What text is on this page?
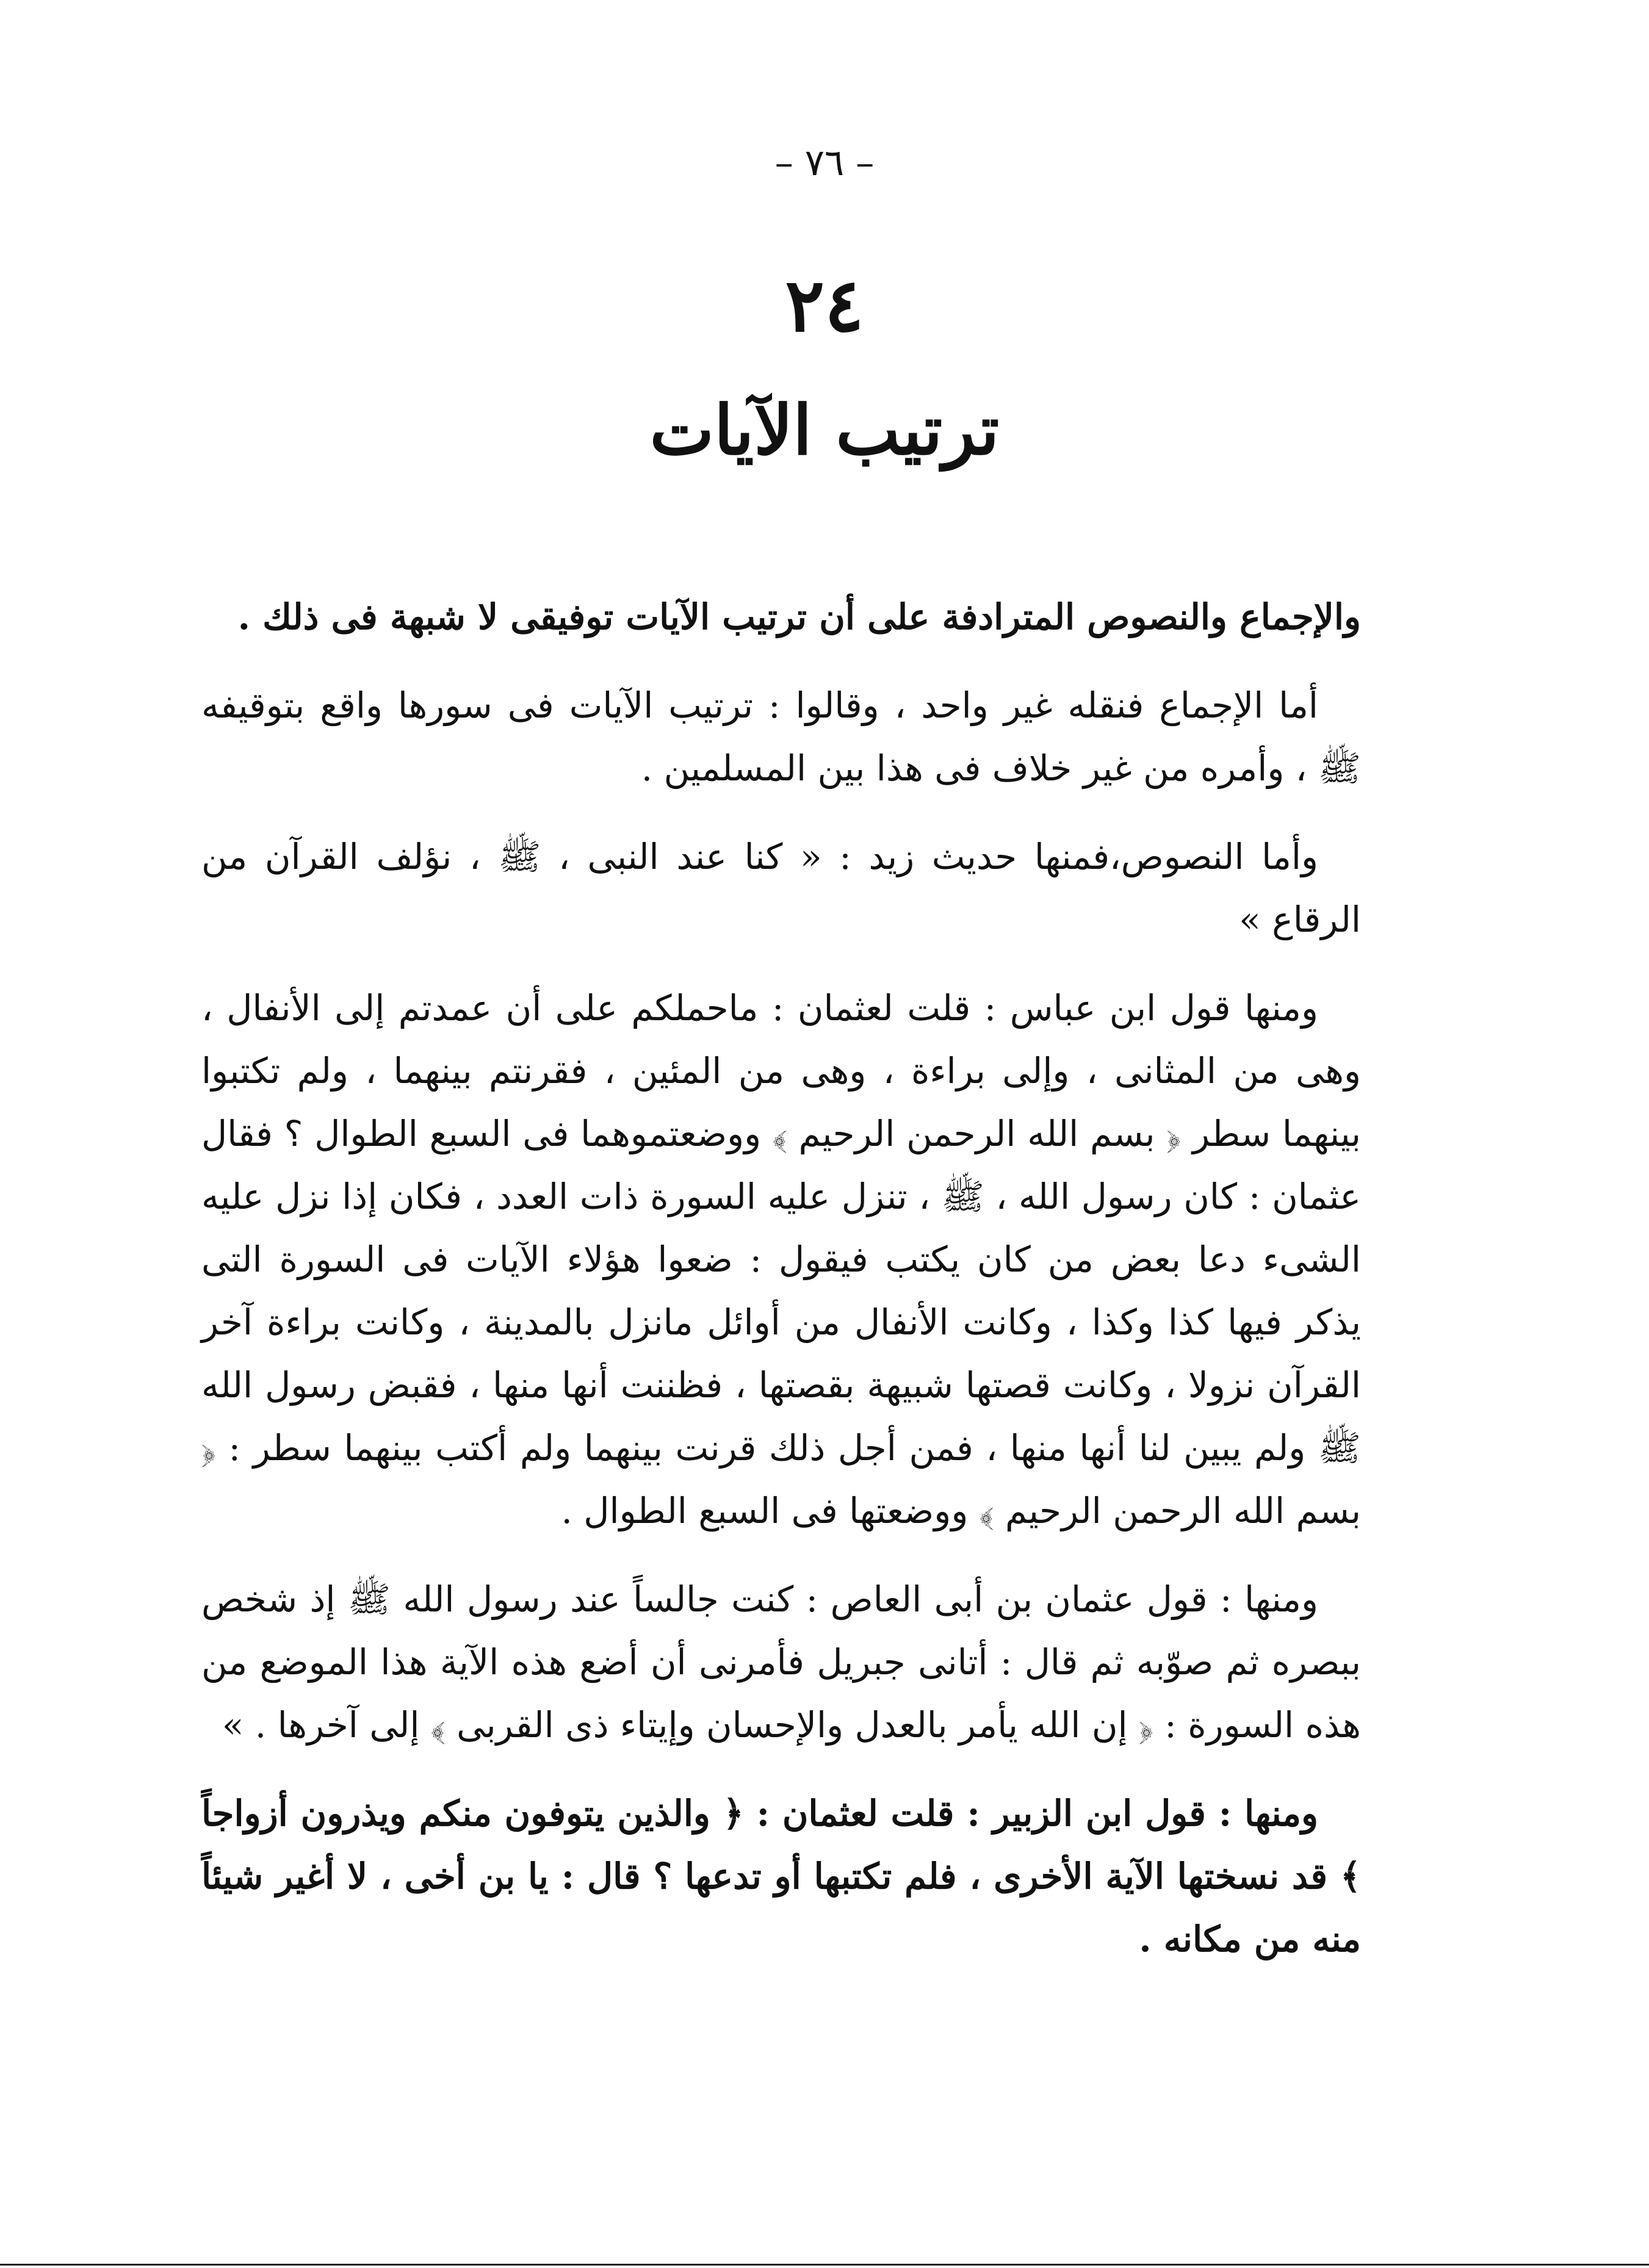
– ٧٦ –
٢٤
ترتيب الآيات

والإجماع والنصوص المترادفة على أن ترتيب الآيات توفيقى لا شبهة فى ذلك .

أما الإجماع فنقله غير واحد ، وقالوا : ترتيب الآيات فى سورها واقع بتوقيفه ﷺ ، وأمره من غير خلاف فى هذا بين المسلمين .

وأما النصوص،فمنها حديث زيد : « كنا عند النبى ، ﷺ ، نؤلف القرآن من الرقاع »

ومنها قول ابن عباس : قلت لعثمان : ماحملكم على أن عمدتم إلى الأنفال ، وهى من المثانى ، وإلى براءة ، وهى من المئين ، فقرنتم بينهما ، ولم تكتبوا بينهما سطر ﴿ بسم الله الرحمن الرحيم ﴾ ووضعتموهما فى السبع الطوال ؟ فقال عثمان : كان رسول الله ، ﷺ ، تنزل عليه السورة ذات العدد ، فكان إذا نزل عليه الشىء دعا بعض من كان يكتب فيقول : ضعوا هؤلاء الآيات فى السورة التى يذكر فيها كذا وكذا ، وكانت الأنفال من أوائل مانزل بالمدينة ، وكانت براءة آخر القرآن نزولا ، وكانت قصتها شبيهة بقصتها ، فظننت أنها منها ، فقبض رسول الله ﷺ ولم يبين لنا أنها منها ، فمن أجل ذلك قرنت بينهما ولم أكتب بينهما سطر : ﴿ بسم الله الرحمن الرحيم ﴾ ووضعتها فى السبع الطوال .

ومنها : قول عثمان بن أبى العاص : كنت جالساً عند رسول الله ﷺ إذ شخص ببصره ثم صوّبه ثم قال : أتانى جبريل فأمرنى أن أضع هذه الآية هذا الموضع من هذه السورة : ﴿ إن الله يأمر بالعدل والإحسان وإيتاء ذى القربى ﴾ إلى آخرها . »

ومنها : قول ابن الزبير : قلت لعثمان : ﴿ والذين يتوفون منكم ويذرون أزواجاً ﴾ قد نسختها الآية الأخرى ، فلم تكتبها أو تدعها ؟ قال : يا بن أخى ، لا أغير شيئاً منه من مكانه .
